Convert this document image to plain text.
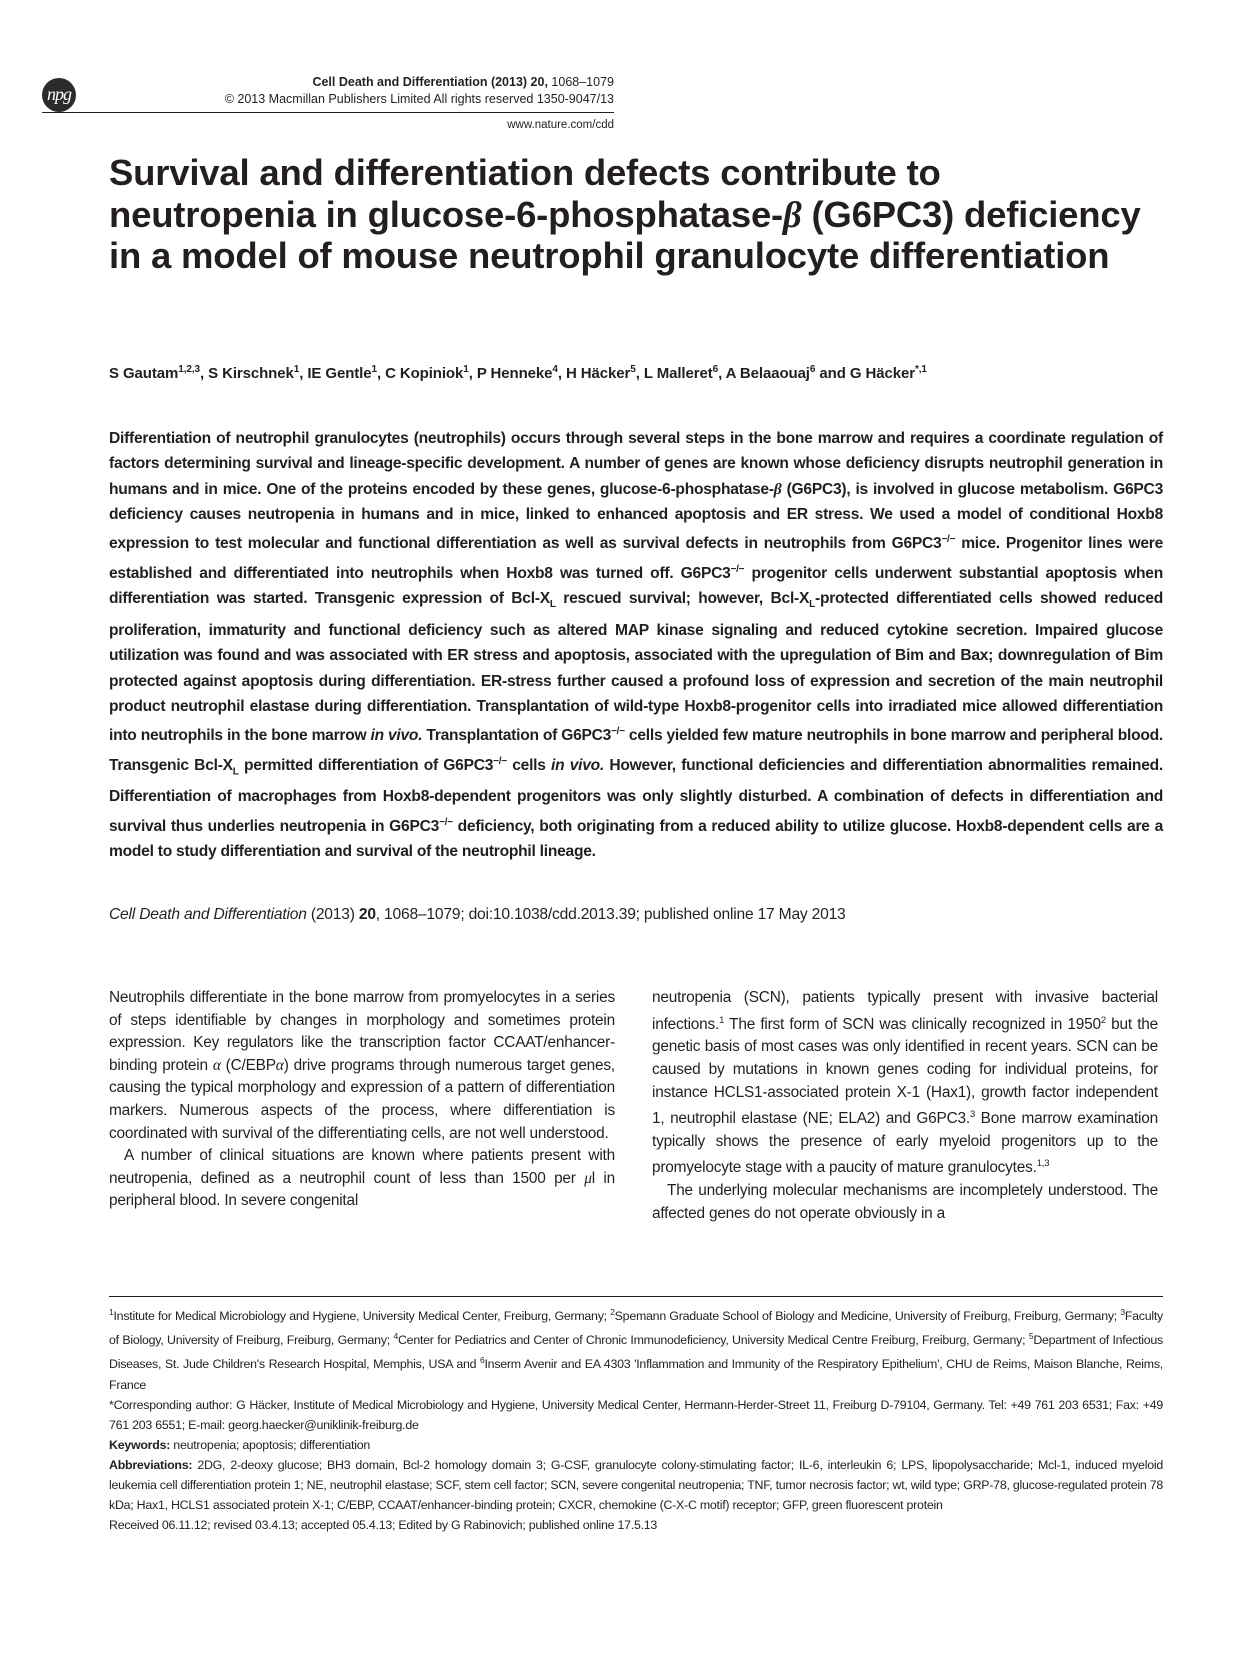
npg
Cell Death and Differentiation (2013) 20, 1068–1079
© 2013 Macmillan Publishers Limited All rights reserved 1350-9047/13
www.nature.com/cdd
Survival and differentiation defects contribute to neutropenia in glucose-6-phosphatase-β (G6PC3) deficiency in a model of mouse neutrophil granulocyte differentiation
S Gautam$^{1,2,3}$, S Kirschnek$^1$, IE Gentle$^1$, C Kopiniok$^1$, P Henneke$^4$, H Häcker$^5$, L Malleret$^6$, A Belaaouaj$^6$ and G Häcker$^{*,1}$

Differentiation of neutrophil granulocytes (neutrophils) occurs through several steps in the bone marrow and requires a coordinate regulation of factors determining survival and lineage-specific development. A number of genes are known whose deficiency disrupts neutrophil generation in humans and in mice. One of the proteins encoded by these genes, glucose-6-phosphatase-β (G6PC3), is involved in glucose metabolism. G6PC3 deficiency causes neutropenia in humans and in mice, linked to enhanced apoptosis and ER stress. We used a model of conditional Hoxb8 expression to test molecular and functional differentiation as well as survival defects in neutrophils from G6PC3−/− mice. Progenitor lines were established and differentiated into neutrophils when Hoxb8 was turned off. G6PC3−/− progenitor cells underwent substantial apoptosis when differentiation was started. Transgenic expression of Bcl-$X_L$ rescued survival; however, Bcl-$X_L$-protected differentiated cells showed reduced proliferation, immaturity and functional deficiency such as altered MAP kinase signaling and reduced cytokine secretion. Impaired glucose utilization was found and was associated with ER stress and apoptosis, associated with the upregulation of Bim and Bax; downregulation of Bim protected against apoptosis during differentiation. ER-stress further caused a profound loss of expression and secretion of the main neutrophil product neutrophil elastase during differentiation. Transplantation of wild-type Hoxb8-progenitor cells into irradiated mice allowed differentiation into neutrophils in the bone marrow in vivo. Transplantation of G6PC3−/− cells yielded few mature neutrophils in bone marrow and peripheral blood. Transgenic Bcl-$X_L$ permitted differentiation of G6PC3−/− cells in vivo. However, functional deficiencies and differentiation abnormalities remained. Differentiation of macrophages from Hoxb8-dependent progenitors was only slightly disturbed. A combination of defects in differentiation and survival thus underlies neutropenia in G6PC3−/− deficiency, both originating from a reduced ability to utilize glucose. Hoxb8-dependent cells are a model to study differentiation and survival of the neutrophil lineage.

Cell Death and Differentiation (2013) 20, 1068–1079; doi:10.1038/cdd.2013.39; published online 17 May 2013

Neutrophils differentiate in the bone marrow from promyelocytes in a series of steps identifiable by changes in morphology and sometimes protein expression. Key regulators like the transcription factor CCAAT/enhancer-binding protein α (C/EBPα) drive programs through numerous target genes, causing the typical morphology and expression of a pattern of differentiation markers. Numerous aspects of the process, where differentiation is coordinated with survival of the differentiating cells, are not well understood.

A number of clinical situations are known where patients present with neutropenia, defined as a neutrophil count of less than 1500 per μl in peripheral blood. In severe congenital

neutropenia (SCN), patients typically present with invasive bacterial infections.$^1$ The first form of SCN was clinically recognized in 1950$^2$ but the genetic basis of most cases was only identified in recent years. SCN can be caused by mutations in known genes coding for individual proteins, for instance HCLS1-associated protein X-1 (Hax1), growth factor independent 1, neutrophil elastase (NE; ELA2) and G6PC3.$^3$ Bone marrow examination typically shows the presence of early myeloid progenitors up to the promyelocyte stage with a paucity of mature granulocytes.$^{1,3}$

The underlying molecular mechanisms are incompletely understood. The affected genes do not operate obviously in a

$^1$Institute for Medical Microbiology and Hygiene, University Medical Center, Freiburg, Germany; $^2$Spemann Graduate School of Biology and Medicine, University of Freiburg, Freiburg, Germany; $^3$Faculty of Biology, University of Freiburg, Freiburg, Germany; $^4$Center for Pediatrics and Center of Chronic Immunodeficiency, University Medical Centre Freiburg, Freiburg, Germany; $^5$Department of Infectious Diseases, St. Jude Children's Research Hospital, Memphis, USA and $^6$Inserm Avenir and EA 4303 'Inflammation and Immunity of the Respiratory Epithelium', CHU de Reims, Maison Blanche, Reims, France

*Corresponding author: G Häcker, Institute of Medical Microbiology and Hygiene, University Medical Center, Hermann-Herder-Street 11, Freiburg D-79104, Germany. Tel: +49 761 203 6531; Fax: +49 761 203 6551; E-mail: georg.haecker@uniklinik-freiburg.de

Keywords: neutropenia; apoptosis; differentiation

Abbreviations: 2DG, 2-deoxy glucose; BH3 domain, Bcl-2 homology domain 3; G-CSF, granulocyte colony-stimulating factor; IL-6, interleukin 6; LPS, lipopolysaccharide; Mcl-1, induced myeloid leukemia cell differentiation protein 1; NE, neutrophil elastase; SCF, stem cell factor; SCN, severe congenital neutropenia; TNF, tumor necrosis factor; wt, wild type; GRP-78, glucose-regulated protein 78 kDa; Hax1, HCLS1 associated protein X-1; C/EBP, CCAAT/enhancer-binding protein; CXCR, chemokine (C-X-C motif) receptor; GFP, green fluorescent protein

Received 06.11.12; revised 03.4.13; accepted 05.4.13; Edited by G Rabinovich; published online 17.5.13
